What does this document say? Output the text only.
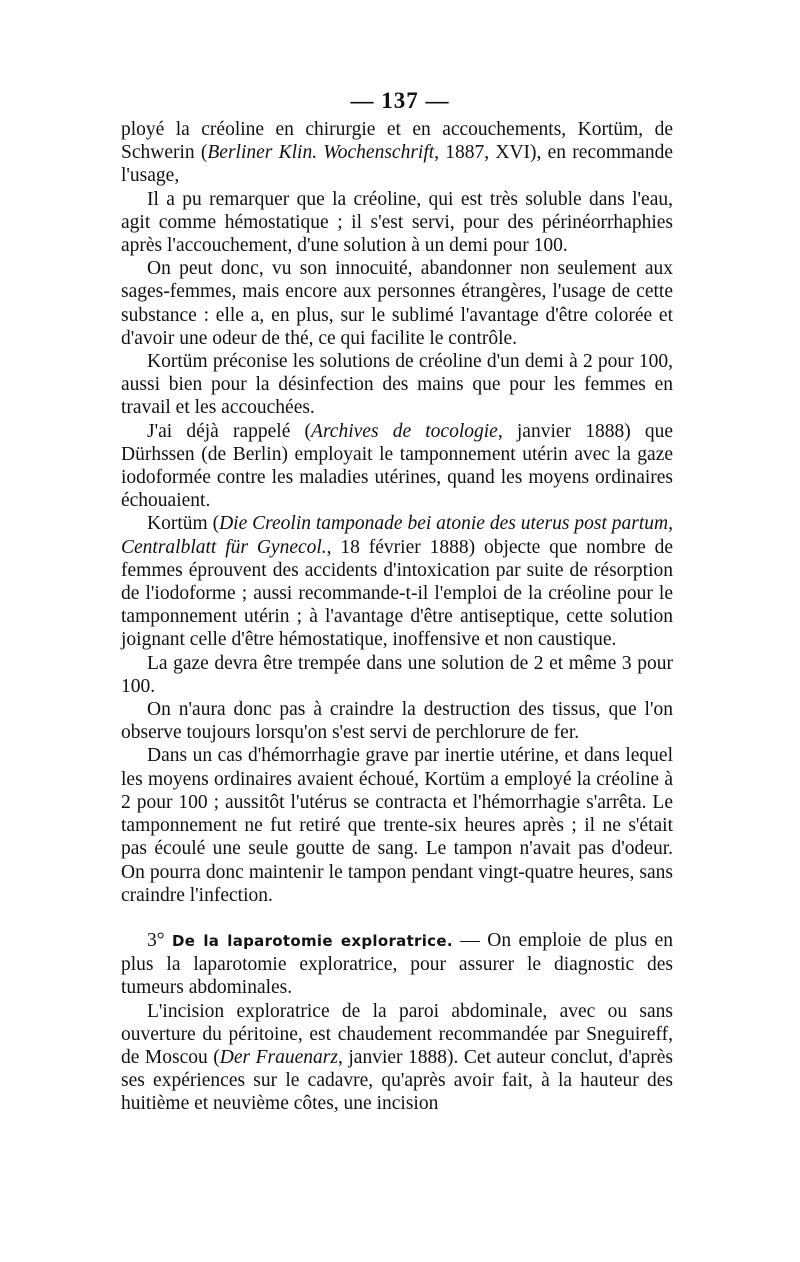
— 137 —

ployé la créoline en chirurgie et en accouchements, Kortüm, de Schwerin (Berliner Klin. Wochenschrift, 1887, XVI), en recommande l'usage,

Il a pu remarquer que la créoline, qui est très soluble dans l'eau, agit comme hémostatique ; il s'est servi, pour des périnéorrhaphies après l'accouchement, d'une solution à un demi pour 100.

On peut donc, vu son innocuité, abandonner non seulement aux sages-femmes, mais encore aux personnes étrangères, l'usage de cette substance : elle a, en plus, sur le sublimé l'avantage d'être colorée et d'avoir une odeur de thé, ce qui facilite le contrôle.

Kortüm préconise les solutions de créoline d'un demi à 2 pour 100, aussi bien pour la désinfection des mains que pour les femmes en travail et les accouchées.

J'ai déjà rappelé (Archives de tocologie, janvier 1888) que Dürhssen (de Berlin) employait le tamponnement utérin avec la gaze iodoformée contre les maladies utérines, quand les moyens ordinaires échouaient.

Kortüm (Die Creolin tamponade bei atonie des uterus post partum, Centralblatt für Gynecol., 18 février 1888) objecte que nombre de femmes éprouvent des accidents d'intoxication par suite de résorption de l'iodoforme ; aussi recommande-t-il l'emploi de la créoline pour le tamponnement utérin ; à l'avantage d'être antiseptique, cette solution joignant celle d'être hémostatique, inoffensive et non caustique.

La gaze devra être trempée dans une solution de 2 et même 3 pour 100.

On n'aura donc pas à craindre la destruction des tissus, que l'on observe toujours lorsqu'on s'est servi de perchlorure de fer.

Dans un cas d'hémorrhagie grave par inertie utérine, et dans lequel les moyens ordinaires avaient échoué, Kortüm a employé la créoline à 2 pour 100 ; aussitôt l'utérus se contracta et l'hémorrhagie s'arrêta. Le tamponnement ne fut retiré que trente-six heures après ; il ne s'était pas écoulé une seule goutte de sang. Le tampon n'avait pas d'odeur. On pourra donc maintenir le tampon pendant vingt-quatre heures, sans craindre l'infection.

3° De la laparotomie exploratrice. — On emploie de plus en plus la laparotomie exploratrice, pour assurer le diagnostic des tumeurs abdominales.

L'incision exploratrice de la paroi abdominale, avec ou sans ouverture du péritoine, est chaudement recommandée par Sneguireff, de Moscou (Der Frauenarz, janvier 1888). Cet auteur conclut, d'après ses expériences sur le cadavre, qu'après avoir fait, à la hauteur des huitième et neuvième côtes, une incision
